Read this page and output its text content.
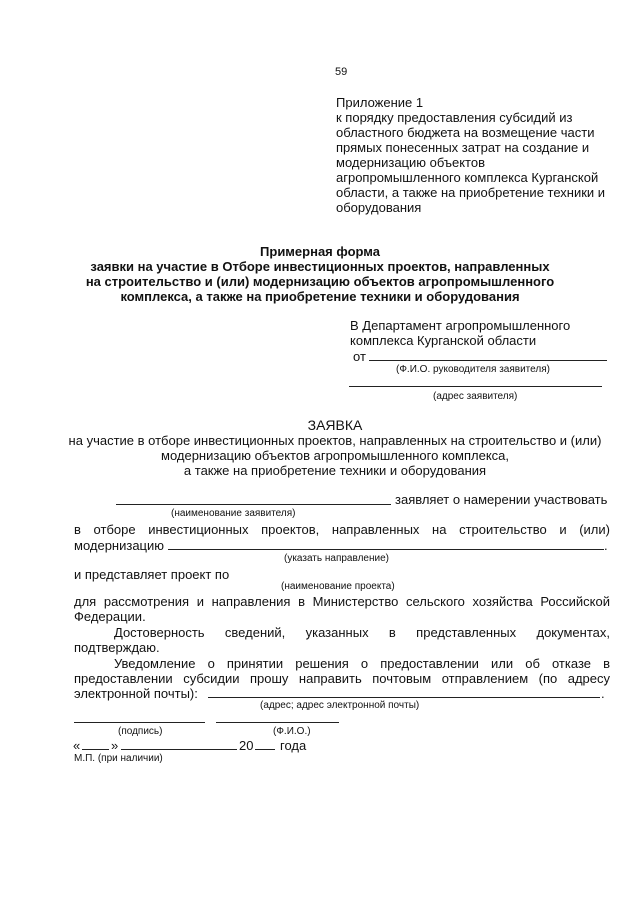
59
Приложение 1
к порядку предоставления субсидий из
областного бюджета на возмещение части
прямых понесенных затрат на создание и
модернизацию объектов
агропромышленного комплекса Курганской
области, а также на приобретение техники и
оборудования
Примерная форма
заявки на участие в Отборе инвестиционных проектов, направленных
на строительство и (или) модернизацию объектов агропромышленного
комплекса, а также на приобретение техники и оборудования
В Департамент агропромышленного
комплекса Курганской области
от
(Ф.И.О. руководителя заявителя)
(адрес заявителя)
ЗАЯВКА
на участие в отборе инвестиционных проектов, направленных на строительство и (или)
модернизацию объектов агропромышленного комплекса,
а также на приобретение техники и оборудования
заявляет о намерении участвовать
(наименование заявителя)
в отборе инвестиционных проектов, направленных на строительство и (или)
модернизацию	.
(указать направление)
и представляет проект по
(наименование проекта)
для рассмотрения и направления в Министерство сельского хозяйства Российской
Федерации.
Достоверность сведений, указанных в представленных документах,
подтверждаю.
Уведомление о принятии решения о предоставлении или об отказе в
предоставлении субсидии прошу направить почтовым отправлением (по адресу
электронной почты):	.
(адрес; адрес электронной почты)
(подпись)	(Ф.И.О.)
« »	20 года
М.П. (при наличии)
